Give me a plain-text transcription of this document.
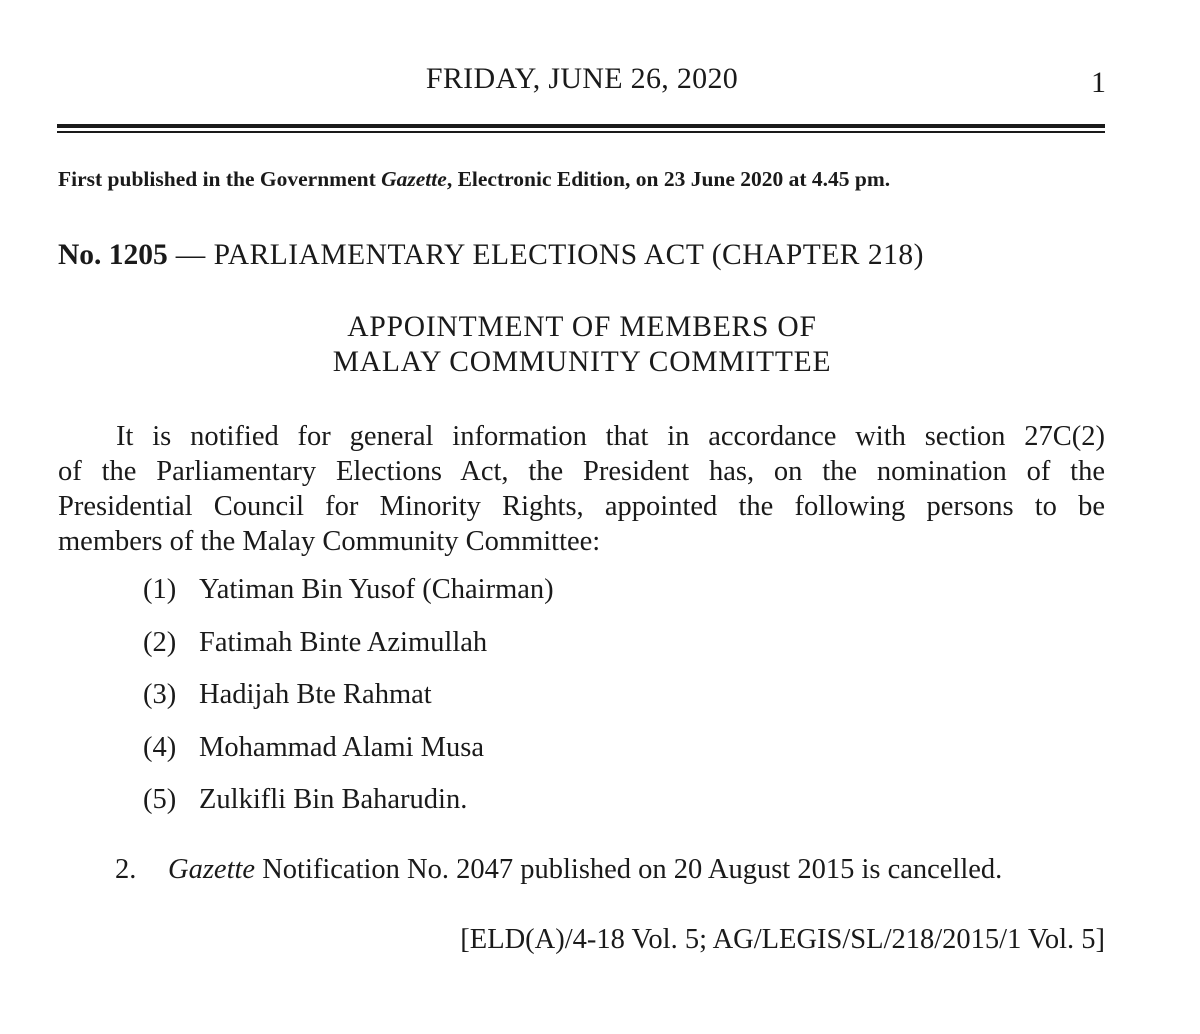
FRIDAY, JUNE 26, 2020	1
First published in the Government Gazette, Electronic Edition, on 23 June 2020 at 4.45 pm.
No. 1205 — PARLIAMENTARY ELECTIONS ACT (CHAPTER 218)
APPOINTMENT OF MEMBERS OF
MALAY COMMUNITY COMMITTEE
It is notified for general information that in accordance with section 27C(2)
of the Parliamentary Elections Act, the President has, on the nomination of the
Presidential Council for Minority Rights, appointed the following persons to be
members of the Malay Community Committee:
(1) Yatiman Bin Yusof (Chairman)
(2) Fatimah Binte Azimullah
(3) Hadijah Bte Rahmat
(4) Mohammad Alami Musa
(5) Zulkifli Bin Baharudin.
2.	Gazette Notification No. 2047 published on 20 August 2015 is cancelled.
[ELD(A)/4-18 Vol. 5; AG/LEGIS/SL/218/2015/1 Vol. 5]
